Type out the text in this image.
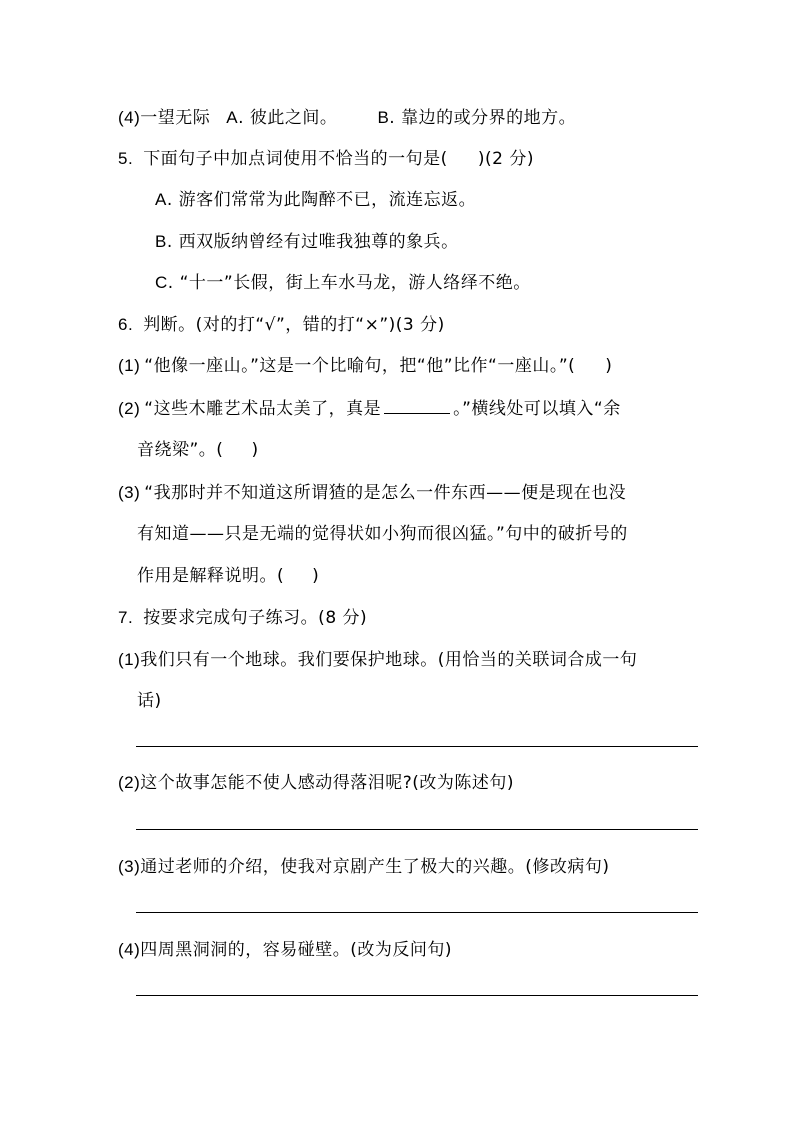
(4)一望无际 A. 彼此之间。 B. 靠边的或分界的地方。
5. 下面句子中加点词使用不恰当的一句是( )(2 分)
A. 游客们常常为此陶醉不已，流连忘返。
B. 西双版纳曾经有过唯我独尊的象兵。
C. “十一”长假，街上车水马龙，游人络绎不绝。
6. 判断。(对的打“√”，错的打“×”)(3 分)
(1) “他像一座山。”这是一个比喻句，把“他”比作“一座山。”( )
(2) “这些木雕艺术品太美了，真是	。”横线处可以填入“余
音绕梁”。( )
(3) “我那时并不知道这所谓猹的是怎么一件东西——便是现在也没
有知道——只是无端的觉得状如小狗而很凶猛。”句中的破折号的
作用是解释说明。( )
7. 按要求完成句子练习。(8 分)
(1)我们只有一个地球。我们要保护地球。(用恰当的关联词合成一句
话)
(2)这个故事怎能不使人感动得落泪呢?(改为陈述句)
(3)通过老师的介绍，使我对京剧产生了极大的兴趣。(修改病句)
(4)四周黑洞洞的，容易碰壁。(改为反问句)
